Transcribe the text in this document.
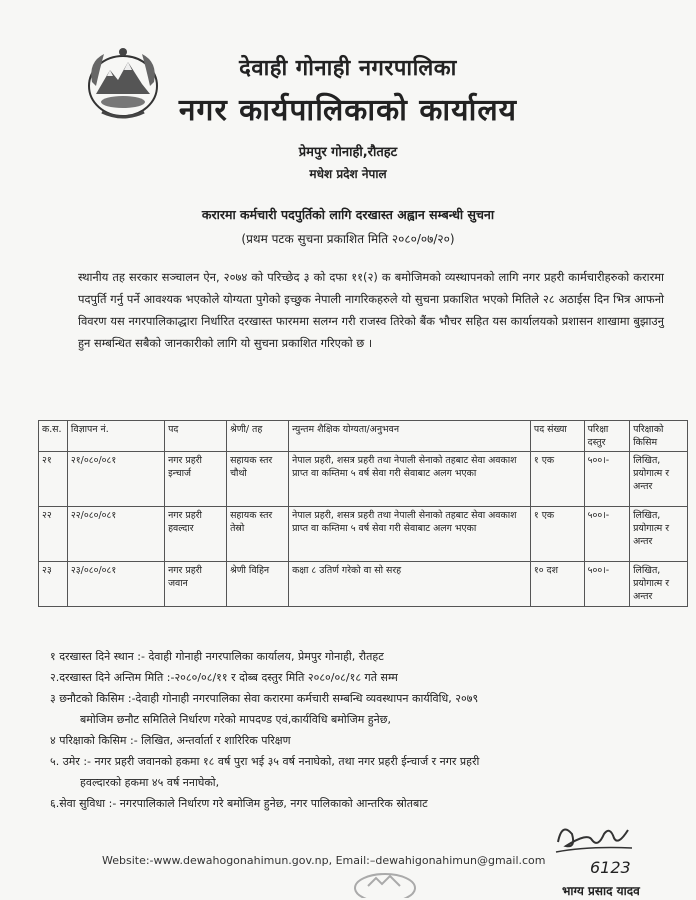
देवाही गोनाही नगरपालिका
नगर कार्यपालिकाको कार्यालय
प्रेमपुर गोनाही,रौतहट
मधेश प्रदेश नेपाल
करारमा कर्मचारी पदपुर्तिको लागि दरखास्त अह्वान सम्बन्धी सुचना
(प्रथम पटक सुचना प्रकाशित मिति २०८०/०७/२०)
स्थानीय तह सरकार सञ्चालन ऐन, २०७४ को परिच्छेद ३ को दफा ११(२) क बमोजिमको व्यस्थापनको लागि नगर प्रहरी कार्मचारीहरुको करारमा पदपुर्ति गर्नु पर्ने आवश्यक भएकोले योग्यता पुगेको इच्छुक नेपाली नागरिकहरुले यो सुचना प्रकाशित भएको मितिले २८ अठाईस दिन भित्र आफनो विवरण यस नगरपालिकाद्धारा निर्धारित दरखास्त फारममा सलग्न गरी राजस्व तिरेको बैंक भौचर सहित यस कार्यालयको प्रशासन शाखामा बुझाउनु हुन सम्बन्धित सबैको जानकारीको लागि यो सुचना प्रकाशित गरिएको छ ।
क.स.	विज्ञापन नं.	पद	श्रेणी/ तह	न्युन्तम शैक्षिक योग्यता/अनुभवन	पद संख्या	परिक्षा दस्तुर	परिक्षाको किसिम
२१	२१/०८०/०८१	नगर प्रहरी इन्चार्ज	सहायक स्तर चौथो	नेपाल प्रहरी, शसत्र प्रहरी तथा नेपाली सेनाको तहबाट सेवा अवकाश प्राप्त वा कम्तिमा ५ वर्ष सेवा गरी सेवाबाट अलग भएका	१ एक	५००।-	लिखित, प्रयोगात्म र अन्तर
२२	२२/०८०/०८१	नगर प्रहरी हवल्दार	सहायक स्तर तेस्रो	नेपाल प्रहरी, शसत्र प्रहरी तथा नेपाली सेनाको तहबाट सेवा अवकाश प्राप्त वा कम्तिमा ५ वर्ष सेवा गरी सेवाबाट अलग भएका	१ एक	५००।-	लिखित, प्रयोगात्म र अन्तर
२३	२३/०८०/०८१	नगर प्रहरी जवान	श्रेणी विहिन	कक्षा ८ उतिर्ण गरेको वा सो सरह	१० दश	५००।-	लिखित, प्रयोगात्म र अन्तर

१ दरखास्त दिने स्थान :- देवाही गोनाही नगरपालिका कार्यालय, प्रेमपुर गोनाही, रौतहट

२.दरखास्त दिने अन्तिम मिति :-२०८०/०८/११ र दोब्ब दस्तुर मिति २०८०/०८/१८ गते सम्म

३ छनौटको किसिम :-देवाही गोनाही नगरपालिका सेवा करारमा कर्मचारी सम्बन्धि व्यवस्थापन कार्यविधि, २०७९

बमोजिम छनौट समितिले निर्धारण गरेको मापदण्ड एवं,कार्यविधि बमोजिम हुनेछ,

४ परिक्षाको किसिम :- लिखित, अन्तर्वार्ता र शारिरिक परिक्षण

५. उमेर :- नगर प्रहरी जवानको हकमा १८ वर्ष पुरा भई ३५ वर्ष ननाघेको, तथा नगर प्रहरी ईन्चार्ज र नगर प्रहरी

हवल्दारको हकमा ४५ वर्ष ननाघेको,

६.सेवा सुविधा :- नगरपालिकाले निर्धारण गरे बमोजिम हुनेछ, नगर पालिकाको आन्तरिक स्रोतबाट

Website:-www.dewahogonahimun.gov.np, Email:–dewahigonahimun@gmail.com	6123
भाग्य प्रसाद यादव
